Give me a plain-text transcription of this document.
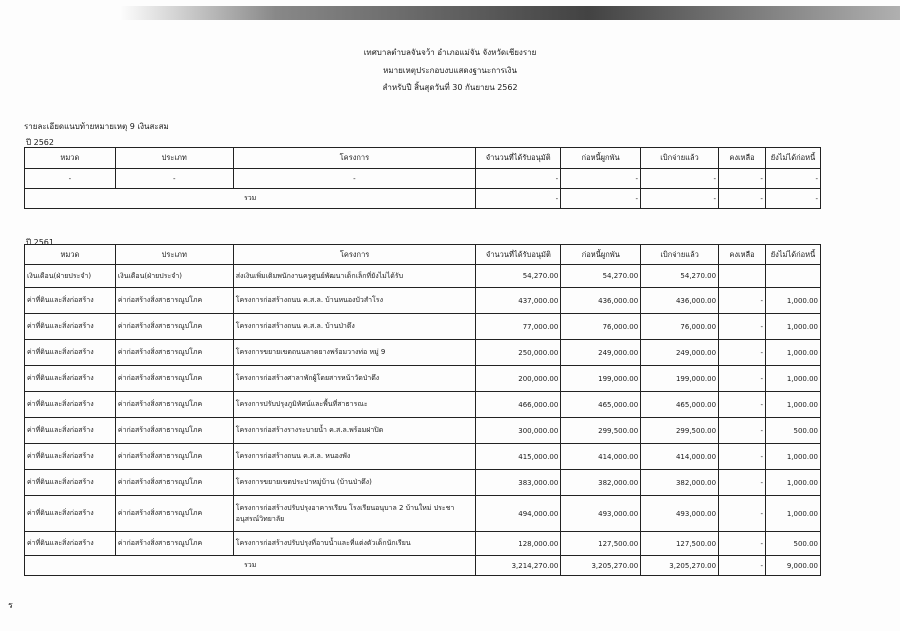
เทศบาลตำบลจันจว้า อำเภอแม่จัน จังหวัดเชียงราย
หมายเหตุประกอบงบแสดงฐานะการเงิน
สำหรับปี สิ้นสุดวันที่ 30 กันยายน 2562
รายละเอียดแนบท้ายหมายเหตุ 9 เงินสะสม
ปี 2562
หมวด	ประเภท	โครงการ	จำนวนที่ได้รับอนุมัติ	ก่อหนี้ผูกพัน	เบิกจ่ายแล้ว	คงเหลือ	ยังไม่ได้ก่อหนี้
-	-	-	-	-	-	-	-
รวม			-	-	-	-	-
ปี 2561
หมวด	ประเภท	โครงการ	จำนวนที่ได้รับอนุมัติ	ก่อหนี้ผูกพัน	เบิกจ่ายแล้ว	คงเหลือ	ยังไม่ได้ก่อหนี้
เงินเดือน(ฝ่ายประจำ)	เงินเดือน(ฝ่ายประจำ)	ส่งเงินเพิ่มเติมพนักงานครูศูนย์พัฒนาเด็กเล็กที่ยังไม่ได้รับ	54,270.00	54,270.00	54,270.00		
ค่าที่ดินและสิ่งก่อสร้าง	ค่าก่อสร้างสิ่งสาธารณูปโภค	โครงการก่อสร้างถนน ค.ส.ล. บ้านหนองบัวสำโรง	437,000.00	436,000.00	436,000.00	-	1,000.00
ค่าที่ดินและสิ่งก่อสร้าง	ค่าก่อสร้างสิ่งสาธารณูปโภค	โครงการก่อสร้างถนน ค.ส.ล. บ้านป่าตึง	77,000.00	76,000.00	76,000.00	-	1,000.00
ค่าที่ดินและสิ่งก่อสร้าง	ค่าก่อสร้างสิ่งสาธารณูปโภค	โครงการขยายเขตถนนลาดยางพร้อมวางท่อ หมู่ 9	250,000.00	249,000.00	249,000.00	-	1,000.00
ค่าที่ดินและสิ่งก่อสร้าง	ค่าก่อสร้างสิ่งสาธารณูปโภค	โครงการก่อสร้างศาลาพักผู้โดยสารหน้าวัดป่าตึง	200,000.00	199,000.00	199,000.00	-	1,000.00
ค่าที่ดินและสิ่งก่อสร้าง	ค่าก่อสร้างสิ่งสาธารณูปโภค	โครงการปรับปรุงภูมิทัศน์และพื้นที่สาธารณะ	466,000.00	465,000.00	465,000.00	-	1,000.00
ค่าที่ดินและสิ่งก่อสร้าง	ค่าก่อสร้างสิ่งสาธารณูปโภค	โครงการก่อสร้างรางระบายน้ำ ค.ส.ล.พร้อมฝาปิด	300,000.00	299,500.00	299,500.00	-	500.00
ค่าที่ดินและสิ่งก่อสร้าง	ค่าก่อสร้างสิ่งสาธารณูปโภค	โครงการก่อสร้างถนน ค.ส.ล. หนองพัง	415,000.00	414,000.00	414,000.00	-	1,000.00
ค่าที่ดินและสิ่งก่อสร้าง	ค่าก่อสร้างสิ่งสาธารณูปโภค	โครงการขยายเขตประปาหมู่บ้าน (บ้านป่าตึง)	383,000.00	382,000.00	382,000.00	-	1,000.00
ค่าที่ดินและสิ่งก่อสร้าง	ค่าก่อสร้างสิ่งสาธารณูปโภค	โครงการก่อสร้างปรับปรุงอาคารเรียน โรงเรียนอนุบาล 2 บ้านใหม่ ประชาอนุสรณ์วิทยาลัย	494,000.00	493,000.00	493,000.00	-	1,000.00
ค่าที่ดินและสิ่งก่อสร้าง	ค่าก่อสร้างสิ่งสาธารณูปโภค	โครงการก่อสร้างปรับปรุงที่อาบน้ำและที่แต่งตัวเด็กนักเรียน	128,000.00	127,500.00	127,500.00	-	500.00
รวม			3,214,270.00	3,205,270.00	3,205,270.00	-	9,000.00
ร
